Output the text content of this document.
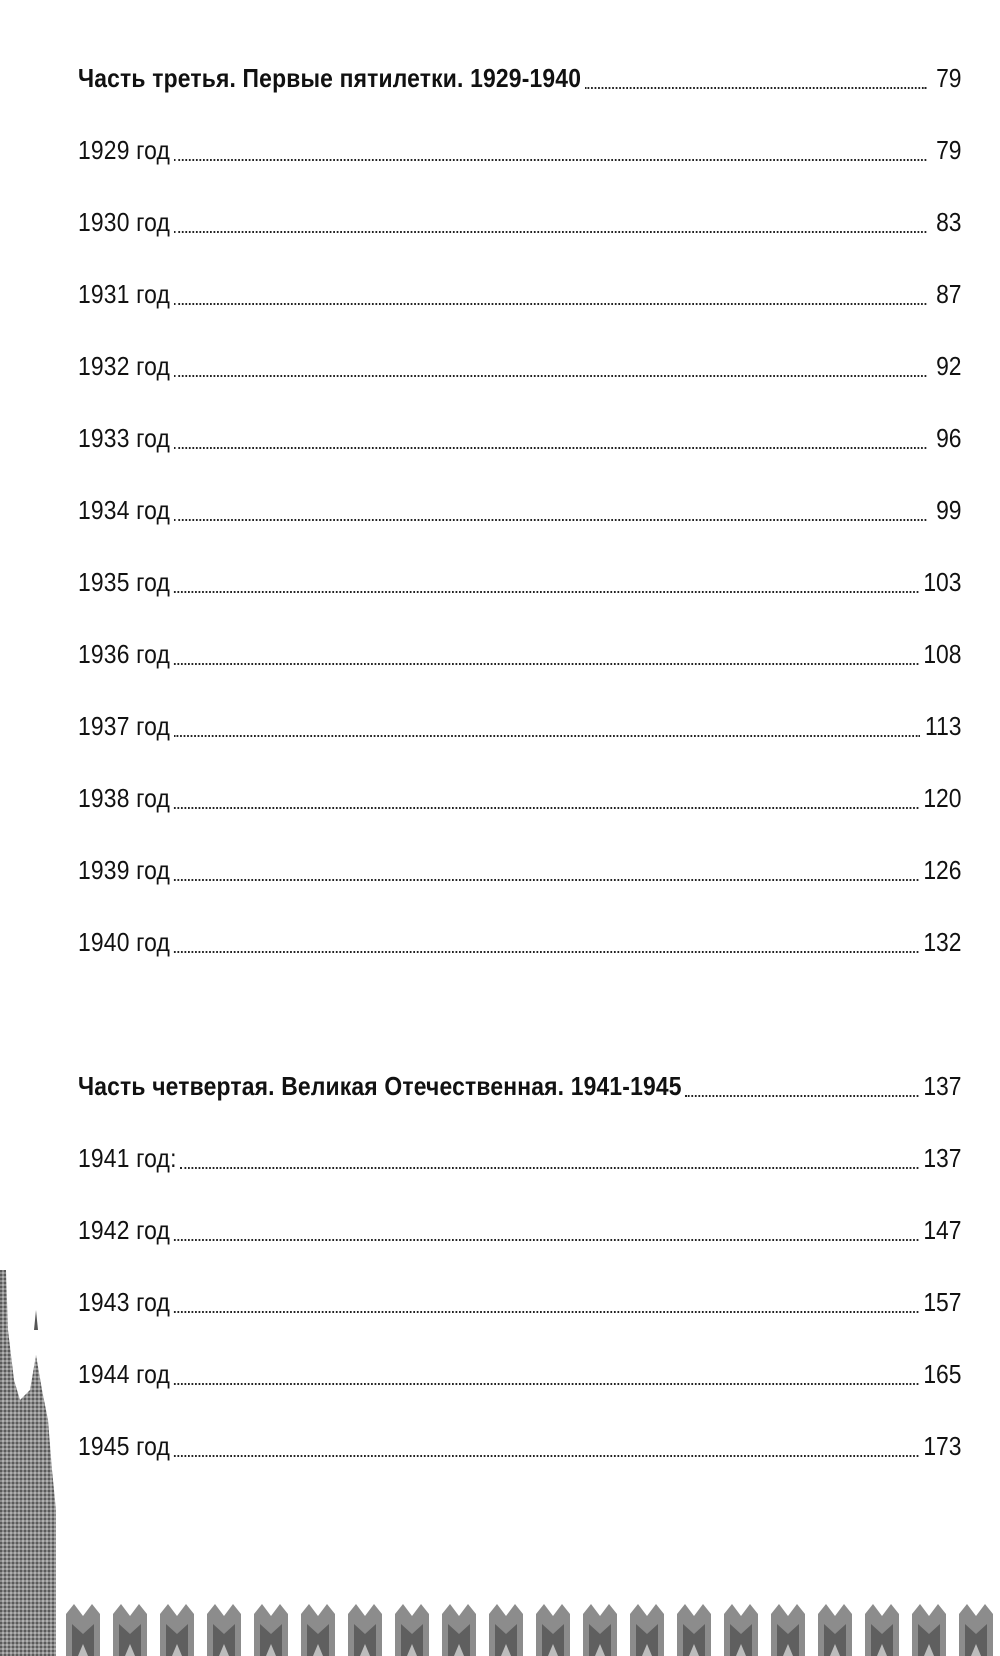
Часть третья. Первые пятилетки. 1929-1940	79
1929 год	79
1930 год	83
1931 год	87
1932 год	92
1933 год	96
1934 год	99
1935 год	103
1936 год	108
1937 год	113
1938 год	120
1939 год	126
1940 год	132
Часть четвертая. Великая Отечественная. 1941-1945	137
1941 год:	137
1942 год	147
1943 год	157
1944 год	165
1945 год	173
